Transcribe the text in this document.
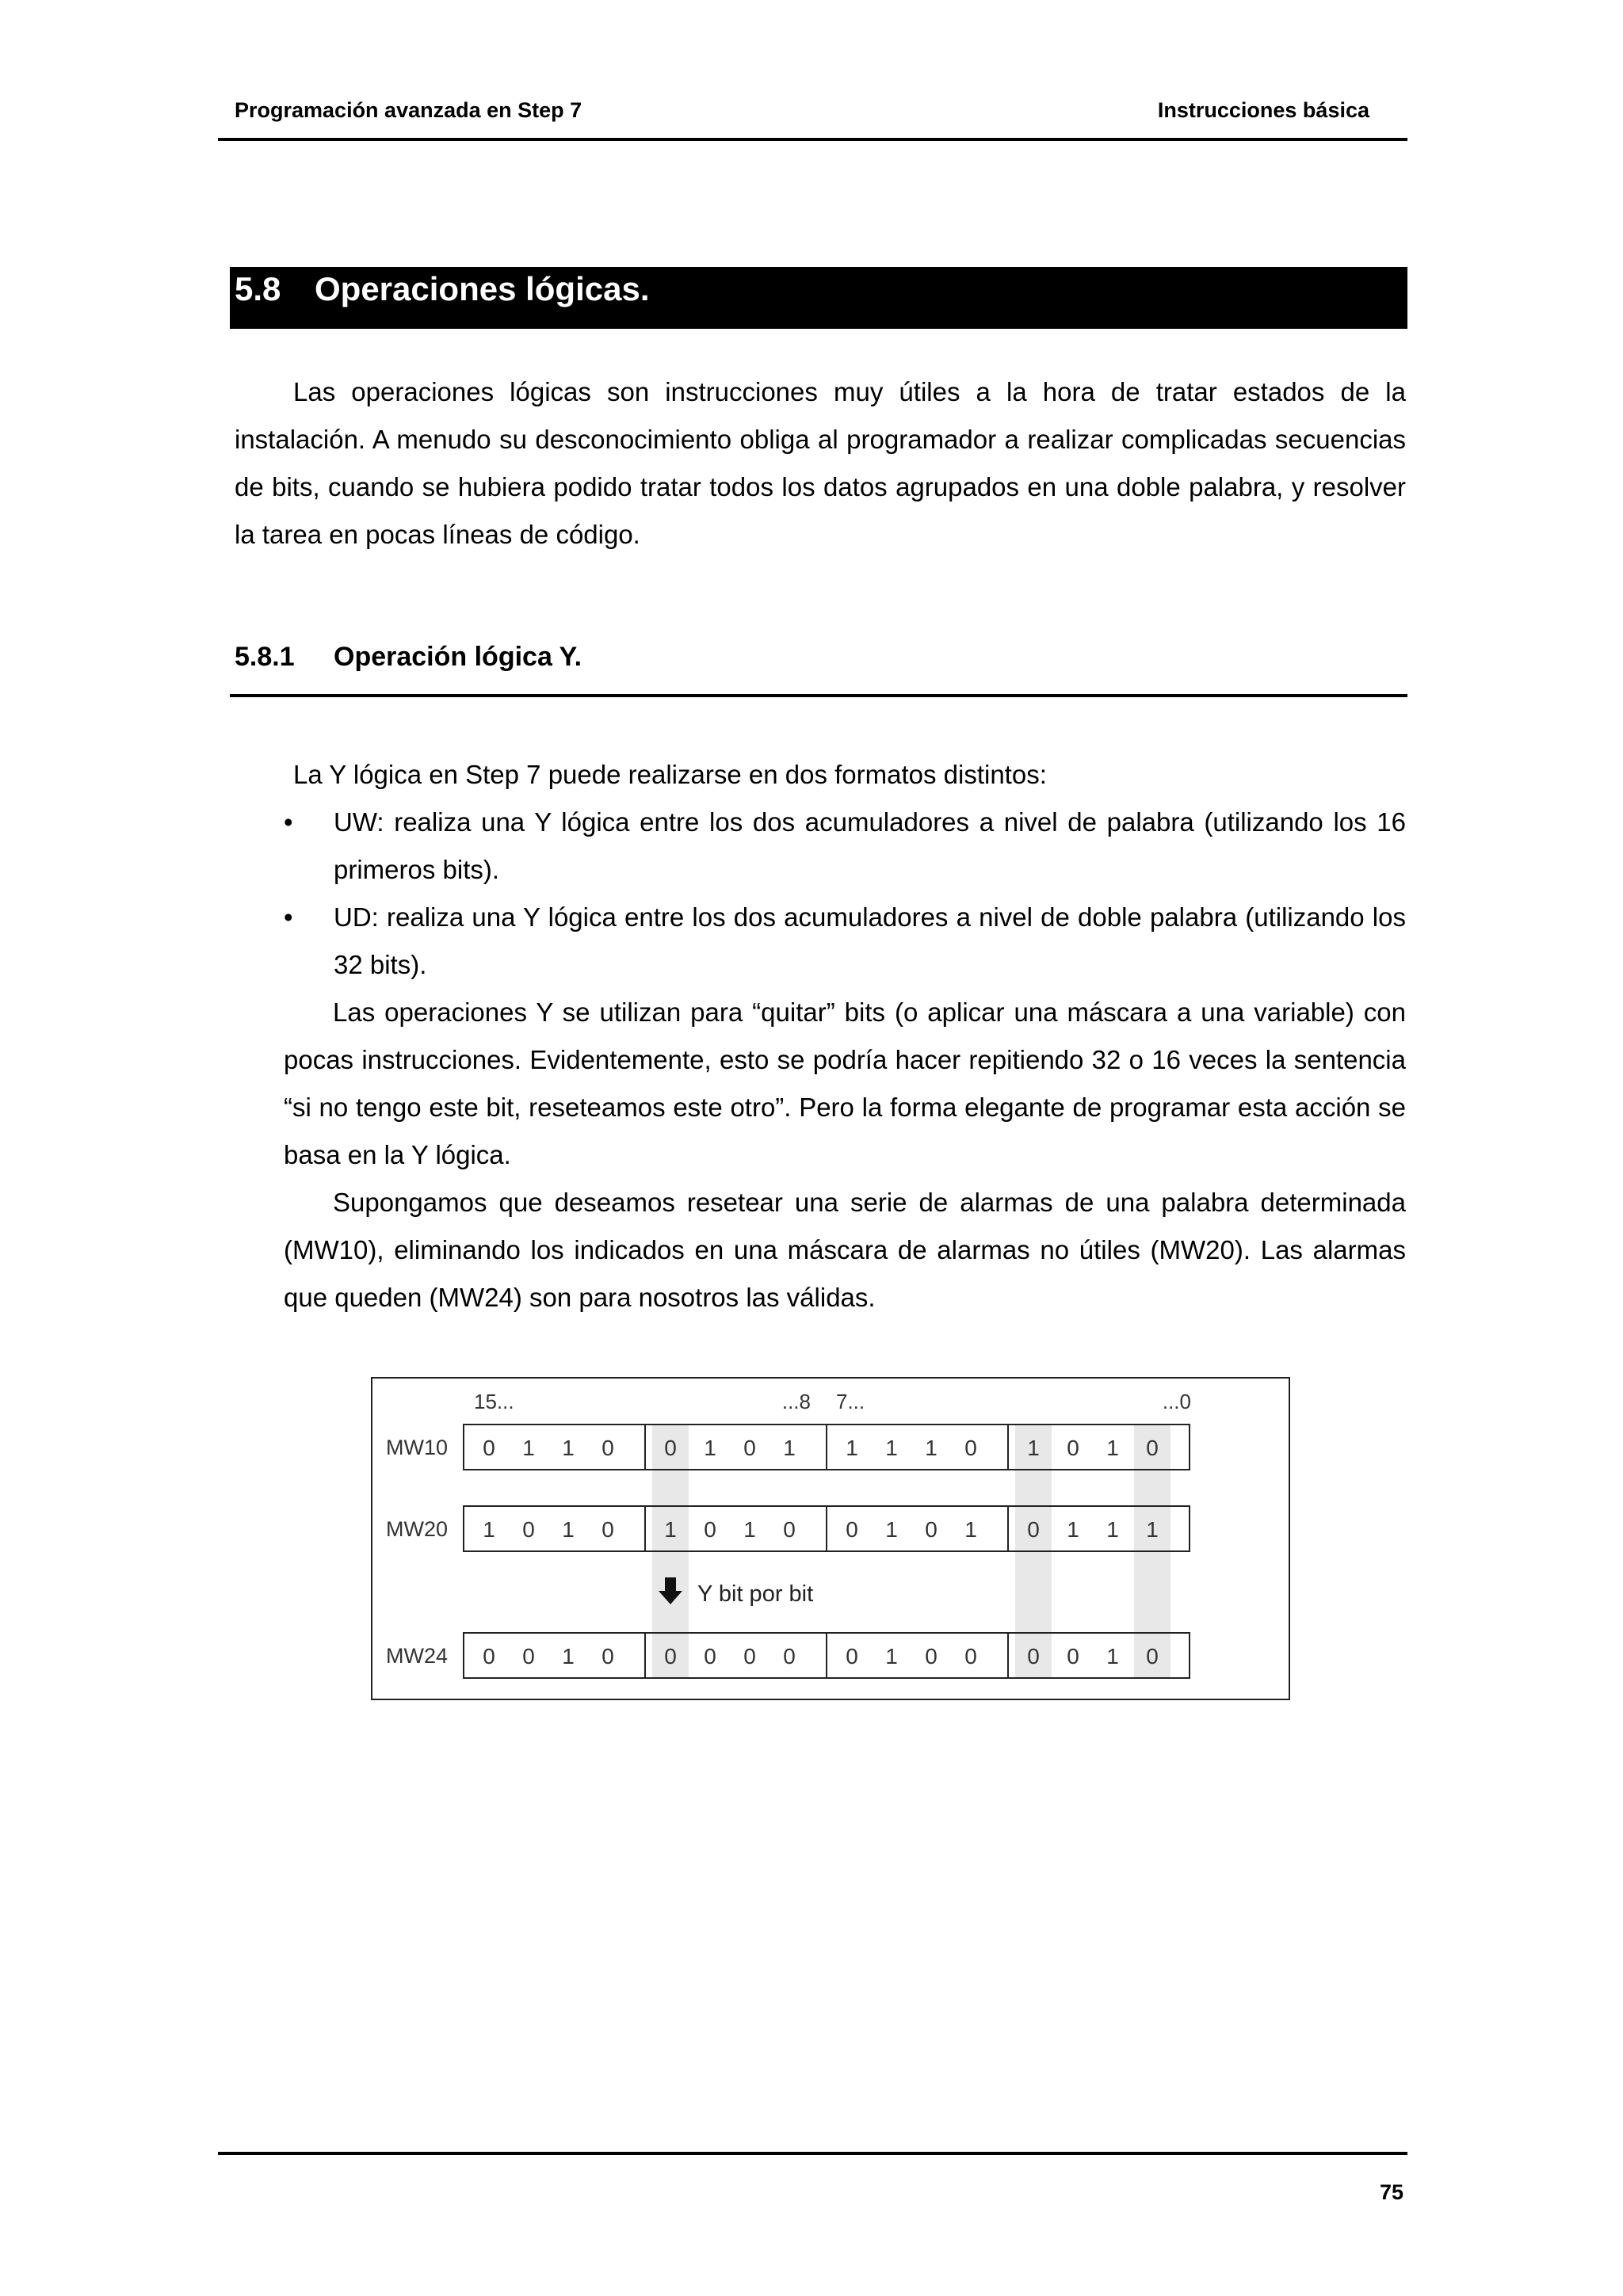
Programación avanzada en Step 7	Instrucciones básica
5.8 Operaciones lógicas.
Las operaciones lógicas son instrucciones muy útiles a la hora de tratar estados de la instalación. A menudo su desconocimiento obliga al programador a realizar complicadas secuencias de bits, cuando se hubiera podido tratar todos los datos agrupados en una doble palabra, y resolver la tarea en pocas líneas de código.
5.8.1 Operación lógica Y.
La Y lógica en Step 7 puede realizarse en dos formatos distintos:
• UW: realiza una Y lógica entre los dos acumuladores a nivel de palabra (utilizando los 16 primeros bits).
• UD: realiza una Y lógica entre los dos acumuladores a nivel de doble palabra (utilizando los 32 bits).
Las operaciones Y se utilizan para “quitar” bits (o aplicar una máscara a una variable) con pocas instrucciones. Evidentemente, esto se podría hacer repitiendo 32 o 16 veces la sentencia “si no tengo este bit, reseteamos este otro”. Pero la forma elegante de programar esta acción se basa en la Y lógica.
Supongamos que deseamos resetear una serie de alarmas de una palabra determinada (MW10), eliminando los indicados en una máscara de alarmas no útiles (MW20). Las alarmas que queden (MW24) son para nosotros las válidas.
MW10 0 1 1 0 0 1 0 1 1 1 1 0 1 0 1 0
MW20 1 0 1 0 1 0 1 0 0 1 0 1 0 1 1 1
MW24 0 0 1 0 0 0 0 0 0 1 0 0 0 0 1 0
15...	...8 7...	...0
Y bit por bit
75
